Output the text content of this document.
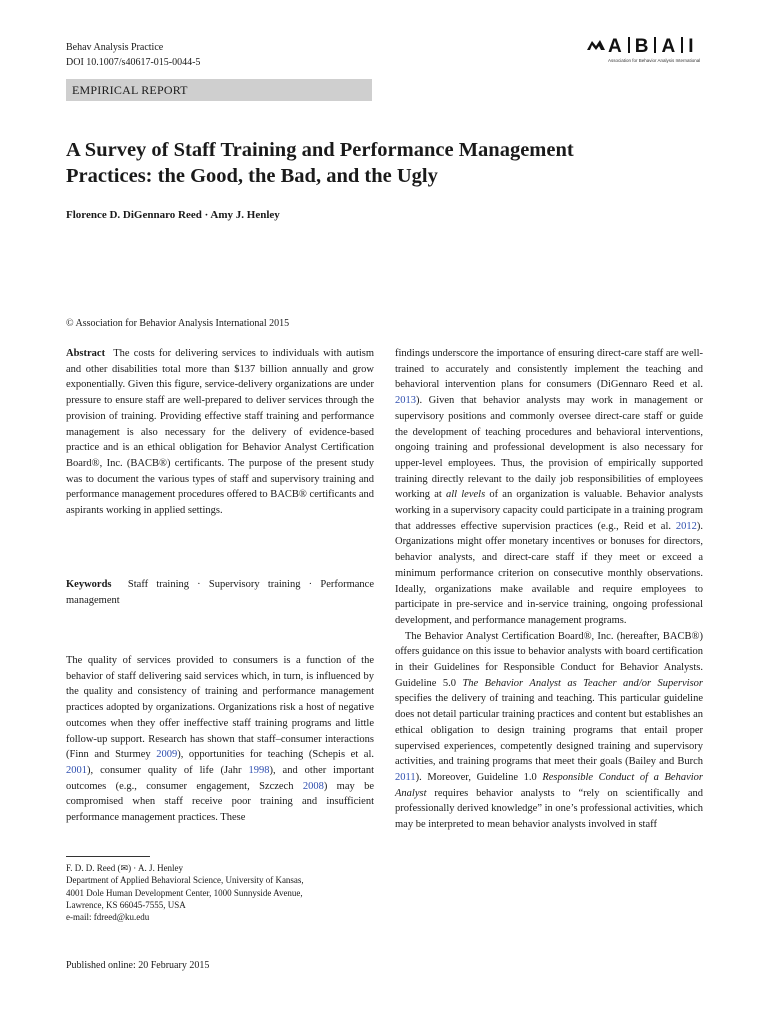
Behav Analysis Practice
DOI 10.1007/s40617-015-0044-5
A B A I
Association for Behavior Analysis International
EMPIRICAL REPORT
A Survey of Staff Training and Performance Management
Practices: the Good, the Bad, and the Ugly
Florence D. DiGennaro Reed · Amy J. Henley
© Association for Behavior Analysis International 2015

Abstract The costs for delivering services to individuals with autism and other disabilities total more than $137 billion annually and grow exponentially. Given this figure, service-delivery organizations are under pressure to ensure staff are well-prepared to deliver services through the provision of training. Providing effective staff training and performance management is also necessary for the delivery of evidence-based practice and is an ethical obligation for Behavior Analyst Certification Board®, Inc. (BACB®) certificants. The purpose of the present study was to document the various types of staff and supervisory training and performance management procedures offered to BACB® certificants and aspirants working in applied settings.

Keywords Staff training · Supervisory training · Performance management

The quality of services provided to consumers is a function of the behavior of staff delivering said services which, in turn, is influenced by the quality and consistency of training and performance management practices adopted by organizations. Organizations risk a host of negative outcomes when they offer ineffective staff training programs and little follow-up support. Research has shown that staff–consumer interactions (Finn and Sturmey 2009), opportunities for teaching (Schepis et al. 2001), consumer quality of life (Jahr 1998), and other important outcomes (e.g., consumer engagement, Szczech 2008) may be compromised when staff receive poor training and insufficient performance management practices. These

F. D. D. Reed (✉) · A. J. Henley
Department of Applied Behavioral Science, University of Kansas,
4001 Dole Human Development Center, 1000 Sunnyside Avenue,
Lawrence, KS 66045-7555, USA
e-mail: fdreed@ku.edu
Published online: 20 February 2015

findings underscore the importance of ensuring direct-care staff are well-trained to accurately and consistently implement the teaching and behavioral intervention plans for consumers (DiGennaro Reed et al. 2013). Given that behavior analysts may work in management or supervisory positions and commonly oversee direct-care staff or guide the development of teaching procedures and behavioral interventions, ongoing training and professional development is also necessary for upper-level employees. Thus, the provision of empirically supported training directly relevant to the daily job responsibilities of employees working at all levels of an organization is valuable. Behavior analysts working in a supervisory capacity could participate in a training program that addresses effective supervision practices (e.g., Reid et al. 2012). Organizations might offer monetary incentives or bonuses for directors, behavior analysts, and direct-care staff if they meet or exceed a minimum performance criterion on consecutive monthly observations. Ideally, organizations make available and require employees to participate in pre-service and in-service training, ongoing professional development, and performance management programs.

The Behavior Analyst Certification Board®, Inc. (hereafter, BACB®) offers guidance on this issue to behavior analysts with board certification in their Guidelines for Responsible Conduct for Behavior Analysts. Guideline 5.0 The Behavior Analyst as Teacher and/or Supervisor specifies the delivery of training and teaching. This particular guideline does not detail particular training practices and content but establishes an ethical obligation to design training programs that entail proper supervised experiences, competently designed training and supervisory activities, and training programs that meet their goals (Bailey and Burch 2011). Moreover, Guideline 1.0 Responsible Conduct of a Behavior Analyst requires behavior analysts to “rely on scientifically and professionally derived knowledge” in one’s professional activities, which may be interpreted to mean behavior analysts involved in staff
